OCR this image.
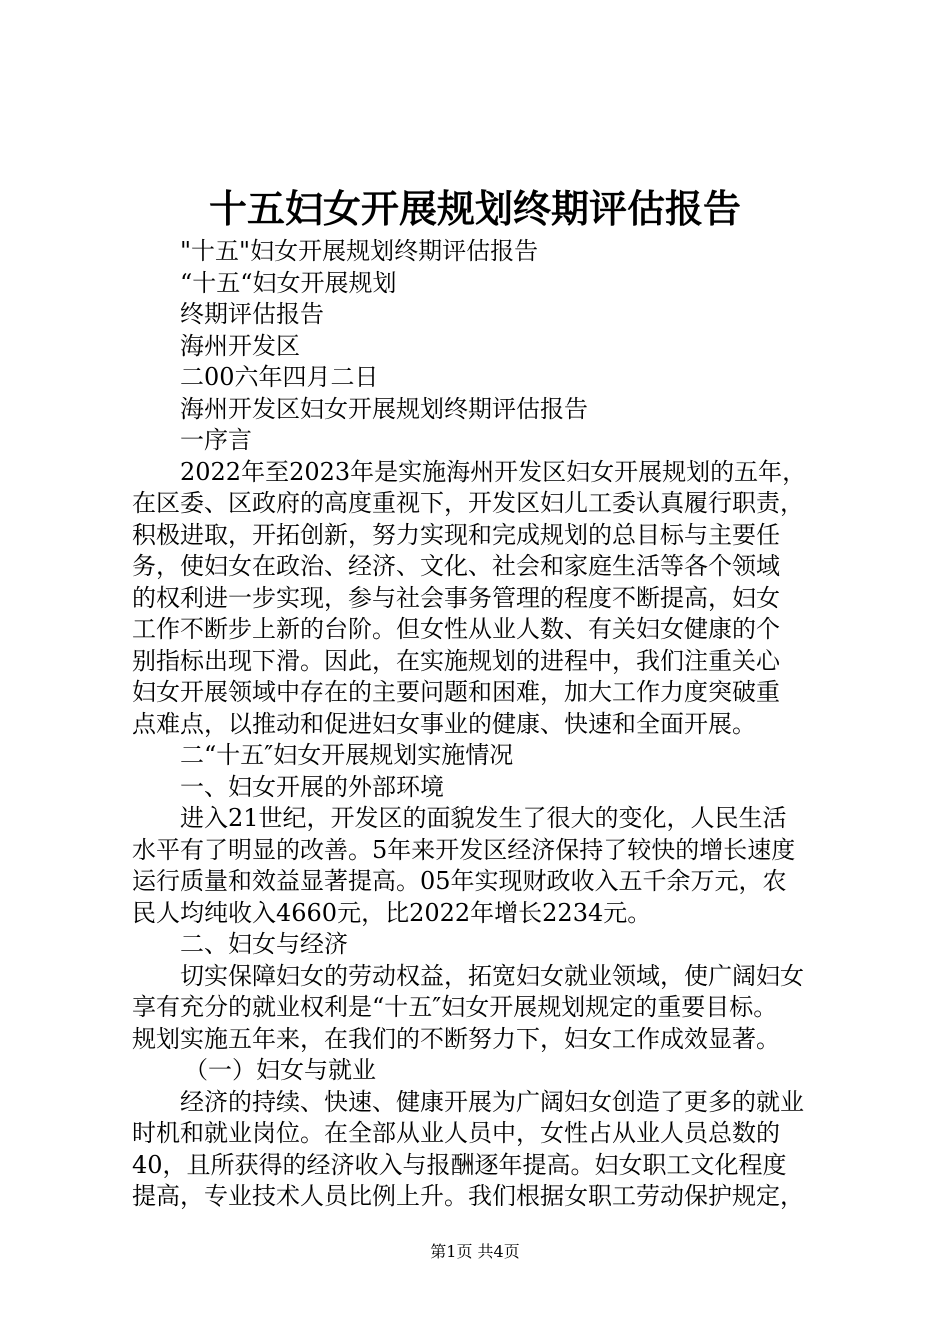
十五妇女开展规划终期评估报告
"十五"妇女开展规划终期评估报告
“十五“妇女开展规划
终期评估报告
海州开发区
二00六年四月二日
海州开发区妇女开展规划终期评估报告
一序言
2022年至2023年是实施海州开发区妇女开展规划的五年，
在区委、区政府的高度重视下，开发区妇儿工委认真履行职责，
积极进取，开拓创新，努力实现和完成规划的总目标与主要任
务，使妇女在政治、经济、文化、社会和家庭生活等各个领域
的权利进一步实现，参与社会事务管理的程度不断提高，妇女
工作不断步上新的台阶。但女性从业人数、有关妇女健康的个
别指标出现下滑。因此，在实施规划的进程中，我们注重关心
妇女开展领域中存在的主要问题和困难，加大工作力度突破重
点难点，以推动和促进妇女事业的健康、快速和全面开展。
二“十五″妇女开展规划实施情况
一、妇女开展的外部环境
进入21世纪，开发区的面貌发生了很大的变化，人民生活
水平有了明显的改善。5年来开发区经济保持了较快的增长速度
运行质量和效益显著提高。05年实现财政收入五千余万元，农
民人均纯收入4660元，比2022年增长2234元。
二、妇女与经济
切实保障妇女的劳动权益，拓宽妇女就业领域，使广阔妇女
享有充分的就业权利是“十五″妇女开展规划规定的重要目标。
规划实施五年来，在我们的不断努力下，妇女工作成效显著。
（一）妇女与就业
经济的持续、快速、健康开展为广阔妇女创造了更多的就业
时机和就业岗位。在全部从业人员中，女性占从业人员总数的
40，且所获得的经济收入与报酬逐年提高。妇女职工文化程度
提高，专业技术人员比例上升。我们根据女职工劳动保护规定，
第1页 共4页
